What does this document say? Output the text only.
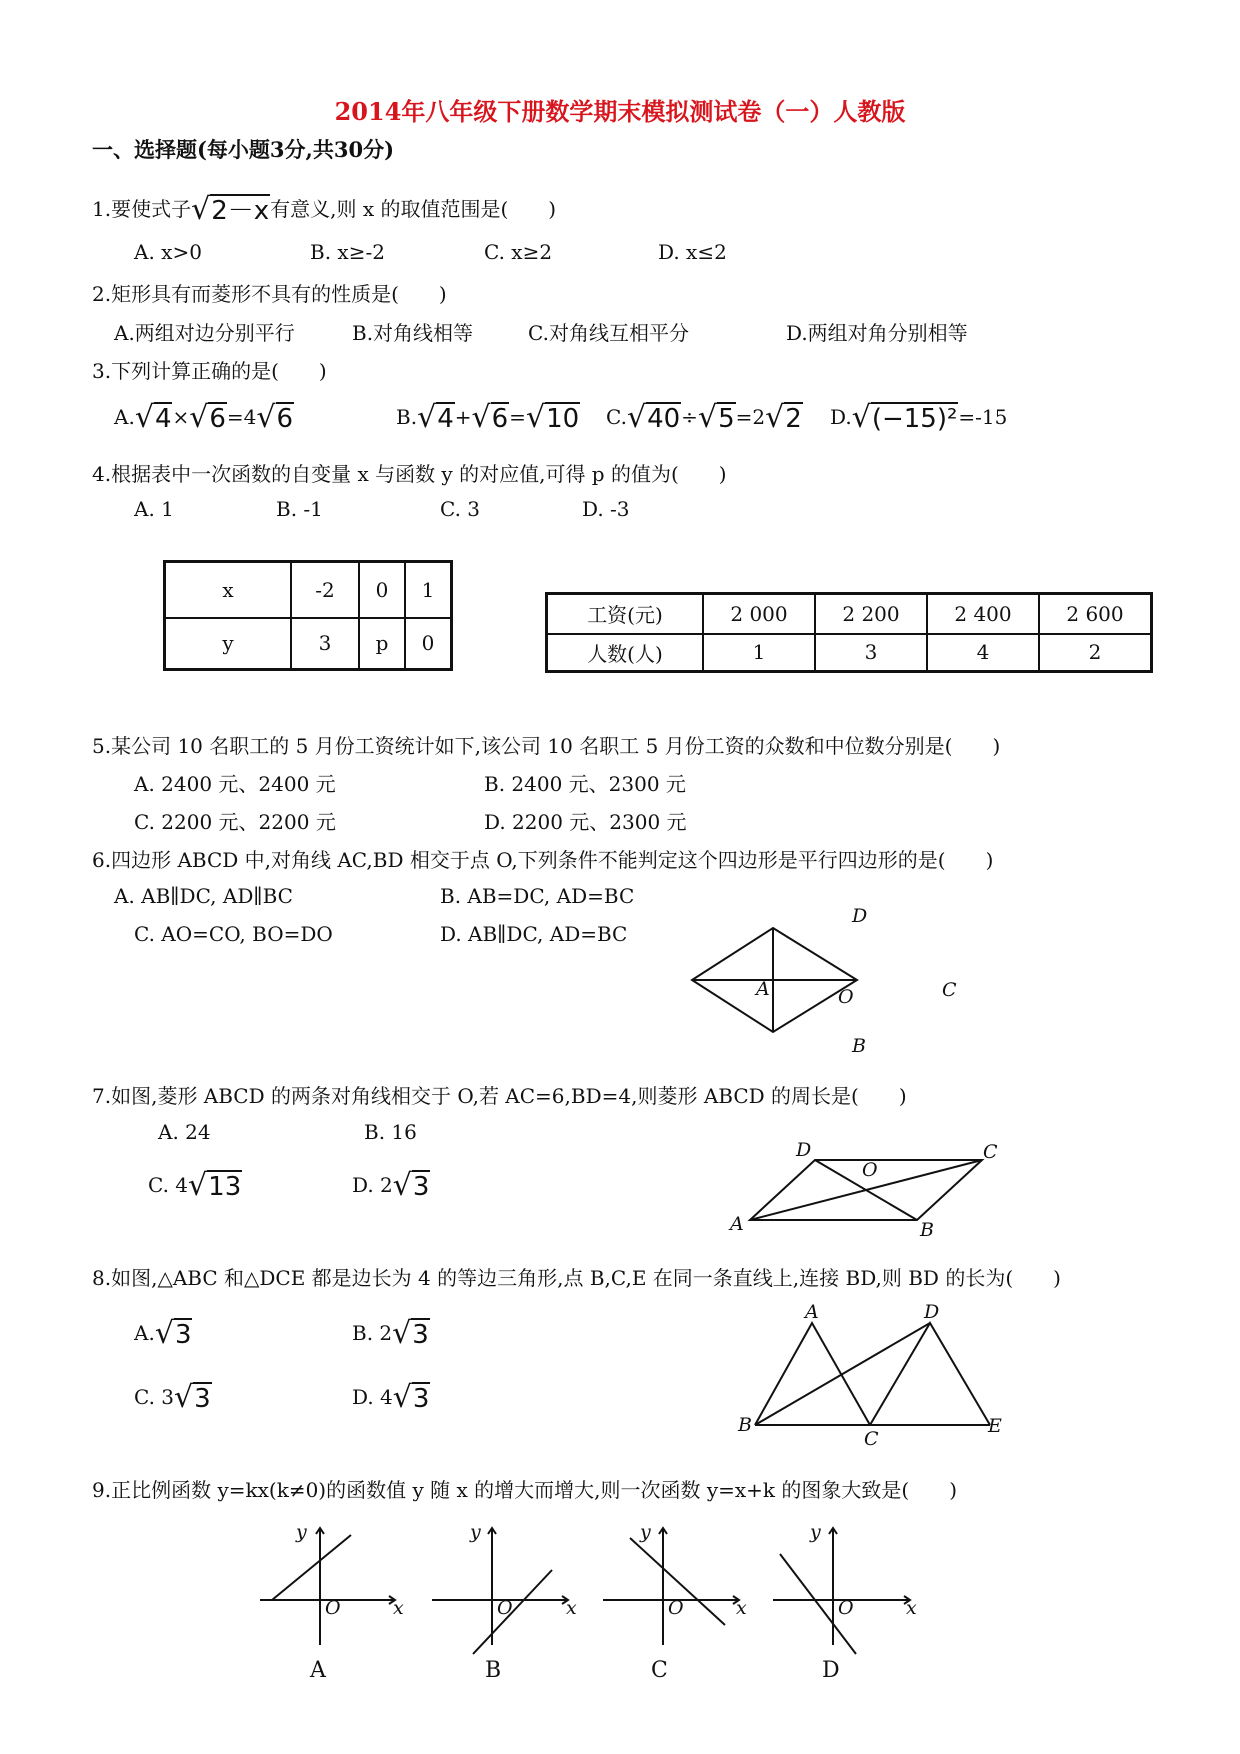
2014年八年级下册数学期末模拟测试卷（一）人教版
一、选择题(每小题3分,共30分)
1.要使式子√2－x有意义,则 x 的取值范围是(　　)
A. x>0	B. x≥-2	C. x≥2	D. x≤2
2.矩形具有而菱形不具有的性质是(　　)
A.两组对边分别平行	B.对角线相等	C.对角线互相平分	D.两组对角分别相等
3.下列计算正确的是(　　)
A.√4×√6=4√6	B.√4+√6=√10 C.√40÷√5=2√2 D.√(−15)²=-15
4.根据表中一次函数的自变量 x 与函数 y 的对应值,可得 p 的值为(　　)
A. 1	B. -1	C. 3	D. -3
x	-2	0	1
y	3	p	0
工资(元)	2 000	2 200	2 400	2 600
人数(人)	1	3	4	2
5.某公司 10 名职工的 5 月份工资统计如下,该公司 10 名职工 5 月份工资的众数和中位数分别是(　　)
A. 2400 元、2400 元	B. 2400 元、2300 元
C. 2200 元、2200 元	D. 2200 元、2300 元
6.四边形 ABCD 中,对角线 AC,BD 相交于点 O,下列条件不能判定这个四边形是平行四边形的是(　　)
A. AB∥DC, AD∥BC	B. AB=DC, AD=BC
C. AO=CO, BO=DO	D. AB∥DC, AD=BC
D
A	O	C
B
D
O
C
A	B
A	D
B
C
E
y
O	x
A
y
O	x
B
y
O	x
C
y
O	x
D
7.如图,菱形 ABCD 的两条对角线相交于 O,若 AC=6,BD=4,则菱形 ABCD 的周长是(　　)
A. 24	B. 16
C. 4√13	D. 2√3
8.如图,△ABC 和△DCE 都是边长为 4 的等边三角形,点 B,C,E 在同一条直线上,连接 BD,则 BD 的长为(　　)
A.√3	B. 2√3
C. 3√3	D. 4√3
9.正比例函数 y=kx(k≠0)的函数值 y 随 x 的增大而增大,则一次函数 y=x+k 的图象大致是(　　)
